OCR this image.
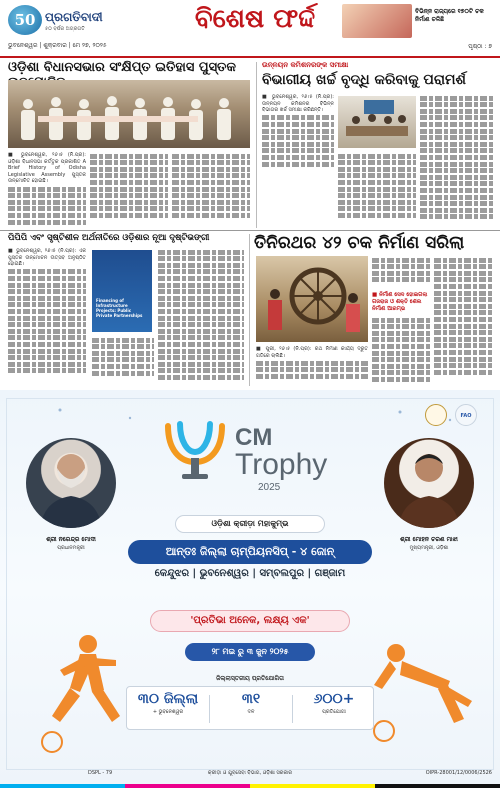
50 ପ୍ରଗତିବାଦୀ
୫୦ ବର୍ଷର ଅଗ୍ରଗତି
ଭୁବନେଶ୍ୱର | ଶୁକ୍ରବାର | ମେ ୨୭, ୨୦୨୫
ବିଶେଷ ଫର୍ଦ୍ଦ	ବିଭିନ୍ନ ରାଜ୍ୟରେ ୧୭୦ଟି ଚକ ନିର୍ମାଣ ଚଳିଛି
ପୃଷ୍ଠା : ୭
ଓଡ଼ିଶା ବିଧାନସଭାର ସଂକ୍ଷିପ୍ତ ଇତିହାସ ପୁସ୍ତକ
■ ଭୁବନେଶ୍ୱର, ୨୬।୫ (ନି.ପ୍ର): ଓଡ଼ିଶା ବିଧାନସଭା କର୍ତ୍ତୃକ ପ୍ରକାଶିତ A Brief History of Odisha Legislative Assembly ପୁସ୍ତକ ଉନ୍ମୋଚିତ ହୋଇଛି।
ଉନ୍ନୟନ କମିଶନରଙ୍କ ସମୀକ୍ଷା
ବିଭାଗୀୟ ଖର୍ଚ୍ଚ ବୃଦ୍ଧି କରିବାକୁ ପରାମର୍ଶ
■ ଭୁବନେଶ୍ୱର, ୨୬।୫ (ନି.ପ୍ର): ଉନ୍ନୟନ କମିଶନର ବିଭିନ୍ନ ବିଭାଗର ଖର୍ଚ୍ଚ ସମୀକ୍ଷା କରିଛନ୍ତି।
ପିପିପି ଏବଂ ସୃଷ୍ଟିଶୀଳ ଅର୍ଥନୀତିରେ ଓଡ଼ିଶାର ନୂଆ ଦୃଷ୍ଟିଭଙ୍ଗୀ
■ ଭୁବନେଶ୍ୱର, ୨୬।୫ (ନି.ପ୍ର): ଏକ ପୁସ୍ତକ ଉନ୍ମୋଚନ ଉତ୍ସବ ଅନୁଷ୍ଠିତ ହୋଇଛି।
Financing of Infrastructure Projects: Public Private Partnerships
ତିନିରଥର ୪୨ ଚକ ନିର୍ମାଣ ସରିଲା
■ ପୁରୀ, ୨୬।୫ (ନି.ପ୍ର): ରଥ ନିର୍ମାଣ କାର୍ଯ୍ୟ ଦ୍ରୁତ ଗତିରେ ଚାଲିଛି।
■ ନିର୍ମାଣ ସେଦ ହୋଇଗଲା ଗଜରାଜ ଓ ଶକ୍ତି ଶେଲ ନିର୍ମାଣ ଆରମ୍ଭ
FAO
CM
Trophy
2025
ଶ୍ରୀ ନରେନ୍ଦ୍ର ମୋଦୀ
ପ୍ରଧାନମନ୍ତ୍ରୀ
ଶ୍ରୀ ମୋହନ ଚରଣ ମାଝୀ
ମୁଖ୍ୟମନ୍ତ୍ରୀ, ଓଡ଼ିଶା
ଓଡ଼ିଶା କ୍ରୀଡ଼ା ମହାକୁମ୍ଭ
ଆନ୍ତଃ ଜିଲ୍ଲା ଚାମ୍ପିୟନସିପ୍ - ୪ ଜୋନ୍
କେନ୍ଦୁଝର | ଭୁବନେଶ୍ୱର | ସମ୍ବଲପୁର | ଗଞ୍ଜାମ
'ପ୍ରତିଭା ଅନେକ, ଲକ୍ଷ୍ୟ ଏକ'
୨୮ ମଇ ରୁ ୩ ଜୁନ ୨୦୨୫
ଜିଲ୍ଲାସ୍ତରୀୟ ପ୍ରତିଯୋଗିତା
୩୦ ଜିଲ୍ଲା
+ ଭୁବନେଶ୍ୱର
୩୧
ଦଳ
୬୦୦+
ପ୍ରତିଯୋଗୀ
DSPL - 79	କ୍ରୀଡ଼ା ଓ ଯୁବସେବା ବିଭାଗ, ଓଡ଼ିଶା ସରକାର	OIPR-28001/12/0006/2526
